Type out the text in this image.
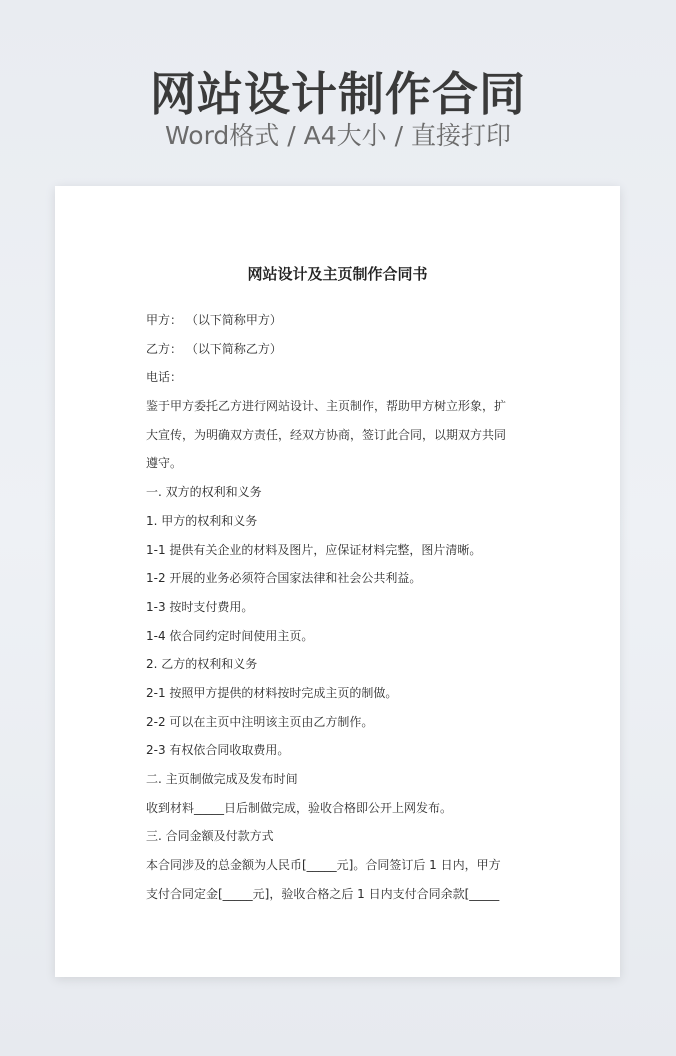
网站设计制作合同
Word格式 / A4大小 / 直接打印
网站设计及主页制作合同书
甲方： （以下简称甲方）
乙方： （以下简称乙方）
电话：
鉴于甲方委托乙方进行网站设计、主页制作，帮助甲方树立形象，扩
大宣传，为明确双方责任，经双方协商，签订此合同，以期双方共同
遵守。
一. 双方的权利和义务
1. 甲方的权利和义务
1-1 提供有关企业的材料及图片，应保证材料完整，图片清晰。
1-2 开展的业务必须符合国家法律和社会公共利益。
1-3 按时支付费用。
1-4 依合同约定时间使用主页。
2. 乙方的权利和义务
2-1 按照甲方提供的材料按时完成主页的制做。
2-2 可以在主页中注明该主页由乙方制作。
2-3 有权依合同收取费用。
二. 主页制做完成及发布时间
收到材料_____日后制做完成，验收合格即公开上网发布。
三. 合同金额及付款方式
本合同涉及的总金额为人民币[_____元]。合同签订后 1 日内，甲方
支付合同定金[_____元]，验收合格之后 1 日内支付合同余款[_____
